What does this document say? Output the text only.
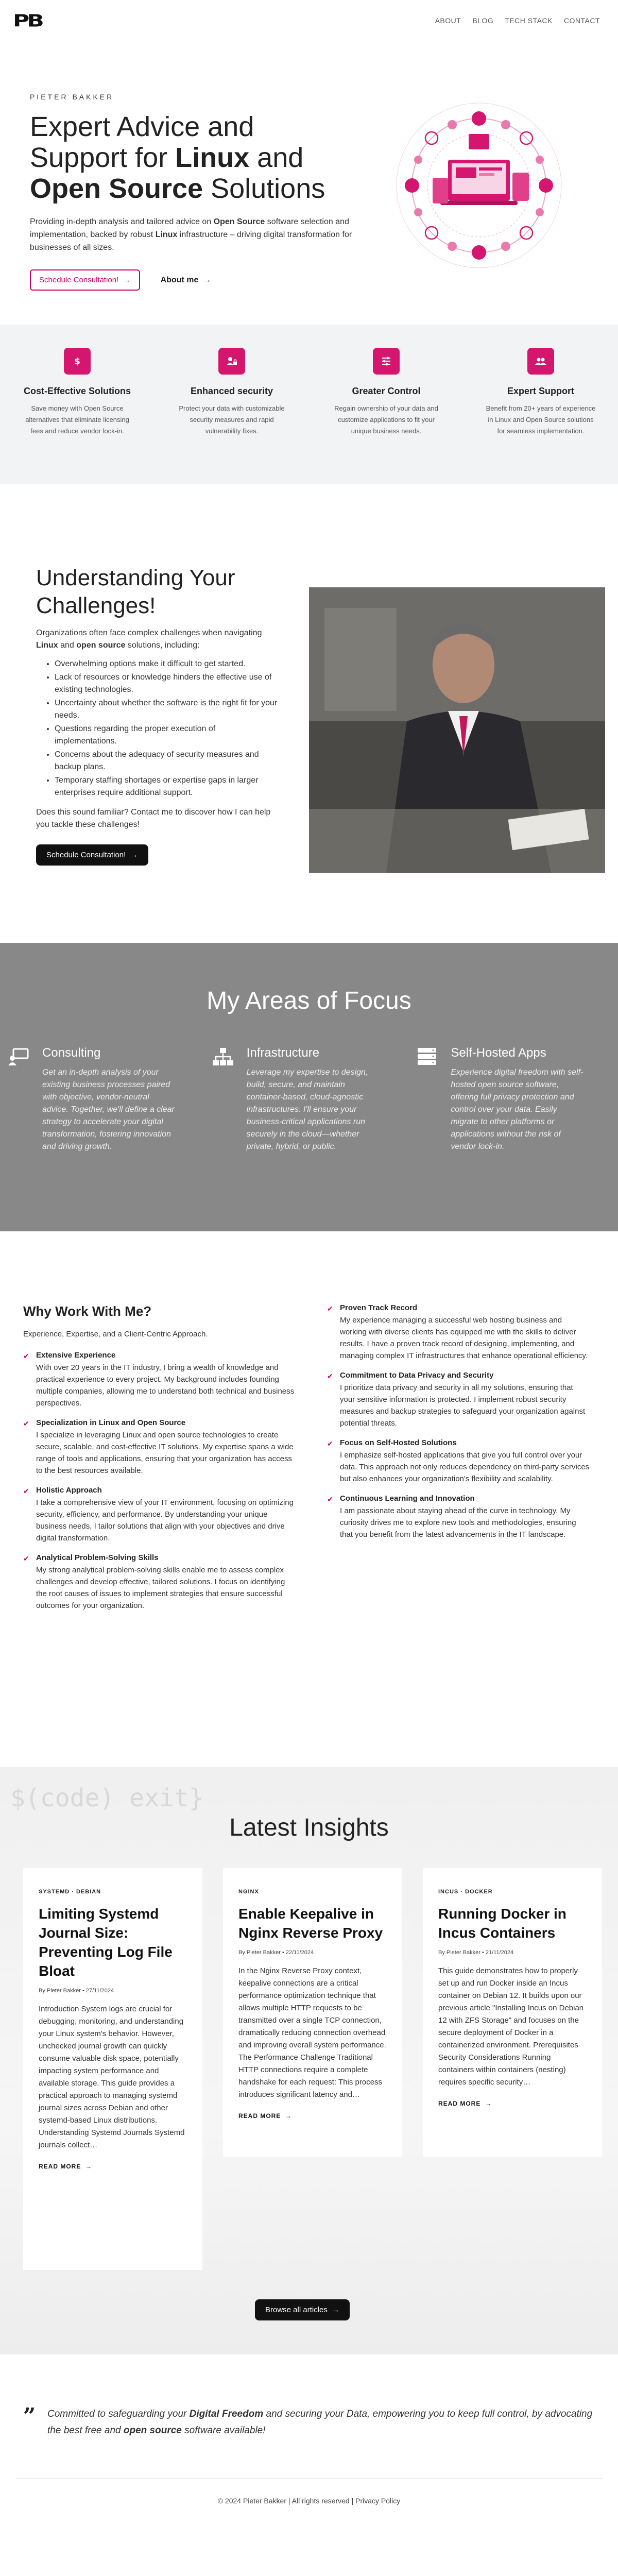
PB	ABOUT BLOG TECH STACK CONTACT
PIETER BAKKER
Expert Advice and
Support for Linux and
Open Source Solutions

Providing in-depth analysis and tailored advice on Open Source software selection and implementation, backed by robust Linux infrastructure – driving digital transformation for businesses of all sizes.

Schedule Consultation!  →	About me  →
$
Cost-Effective Solutions

Save money with Open Source alternatives that eliminate licensing fees and reduce vendor lock-in.

Enhanced security

Protect your data with customizable security measures and rapid vulnerability fixes.

Greater Control

Regain ownership of your data and customize applications to fit your unique business needs.

Expert Support

Benefit from 20+ years of experience in Linux and Open Source solutions for seamless implementation.

Understanding Your Challenges!

Organizations often face complex challenges when navigating Linux and open source solutions, including:

• Overwhelming options make it difficult to get started.
• Lack of resources or knowledge hinders the effective use of existing technologies.
• Uncertainty about whether the software is the right fit for your needs.
• Questions regarding the proper execution of implementations.
• Concerns about the adequacy of security measures and backup plans.
• Temporary staffing shortages or expertise gaps in larger enterprises require additional support.

Does this sound familiar? Contact me to discover how I can help you tackle these challenges!

Schedule Consultation!  →
My Areas of Focus
Consulting

Get an in-depth analysis of your existing business processes paired with objective, vendor-neutral advice. Together, we'll define a clear strategy to accelerate your digital transformation, fostering innovation and driving growth.

Infrastructure

Leverage my expertise to design, build, secure, and maintain container-based, cloud-agnostic infrastructures. I'll ensure your business-critical applications run securely in the cloud—whether private, hybrid, or public.

Self-Hosted Apps

Experience digital freedom with self-hosted open source software, offering full privacy protection and control over your data. Easily migrate to other platforms or applications without the risk of vendor lock-in.

Why Work With Me?

Experience, Expertise, and a Client-Centric Approach.

✔ Extensive Experience

With over 20 years in the IT industry, I bring a wealth of knowledge and practical experience to every project. My background includes founding multiple companies, allowing me to understand both technical and business perspectives.

✔ Specialization in Linux and Open Source

I specialize in leveraging Linux and open source technologies to create secure, scalable, and cost-effective IT solutions. My expertise spans a wide range of tools and applications, ensuring that your organization has access to the best resources available.

✔ Holistic Approach

I take a comprehensive view of your IT environment, focusing on optimizing security, efficiency, and performance. By understanding your unique business needs, I tailor solutions that align with your objectives and drive digital transformation.

✔ Analytical Problem-Solving Skills

My strong analytical problem-solving skills enable me to assess complex challenges and develop effective, tailored solutions. I focus on identifying the root causes of issues to implement strategies that ensure successful outcomes for your organization.

✔ Proven Track Record

My experience managing a successful web hosting business and working with diverse clients has equipped me with the skills to deliver results. I have a proven track record of designing, implementing, and managing complex IT infrastructures that enhance operational efficiency.

✔ Commitment to Data Privacy and Security

I prioritize data privacy and security in all my solutions, ensuring that your sensitive information is protected. I implement robust security measures and backup strategies to safeguard your organization against potential threats.

✔ Focus on Self-Hosted Solutions

I emphasize self-hosted applications that give you full control over your data. This approach not only reduces dependency on third-party services but also enhances your organization's flexibility and scalability.

✔ Continuous Learning and Innovation

I am passionate about staying ahead of the curve in technology. My curiosity drives me to explore new tools and methodologies, ensuring that you benefit from the latest advancements in the IT landscape.

$(code) exit}
Latest Insights
SYSTEMD · DEBIAN
Limiting Systemd Journal Size: Preventing Log File Bloat
By Pieter Bakker • 27/11/2024

Introduction System logs are crucial for debugging, monitoring, and understanding your Linux system's behavior. However, unchecked journal growth can quickly consume valuable disk space, potentially impacting system performance and available storage. This guide provides a practical approach to managing systemd journal sizes across Debian and other systemd-based Linux distributions. Understanding Systemd Journals Systemd journals collect…

READ MORE  →
NGINX
Enable Keepalive in Nginx Reverse Proxy
By Pieter Bakker • 22/11/2024

In the Nginx Reverse Proxy context, keepalive connections are a critical performance optimization technique that allows multiple HTTP requests to be transmitted over a single TCP connection, dramatically reducing connection overhead and improving overall system performance. The Performance Challenge Traditional HTTP connections require a complete handshake for each request: This process introduces significant latency and…

READ MORE  →
INCUS · DOCKER
Running Docker in Incus Containers
By Pieter Bakker • 21/11/2024

This guide demonstrates how to properly set up and run Docker inside an Incus container on Debian 12. It builds upon our previous article "Installing Incus on Debian 12 with ZFS Storage" and focuses on the secure deployment of Docker in a containerized environment. Prerequisites Security Considerations Running containers within containers (nesting) requires specific security…

READ MORE  →
Browse all articles  →
” Committed to safeguarding your Digital Freedom and securing your Data, empowering you to keep full control, by advocating the best free and open source software available!

© 2024 Pieter Bakker | All rights reserved | Privacy Policy
